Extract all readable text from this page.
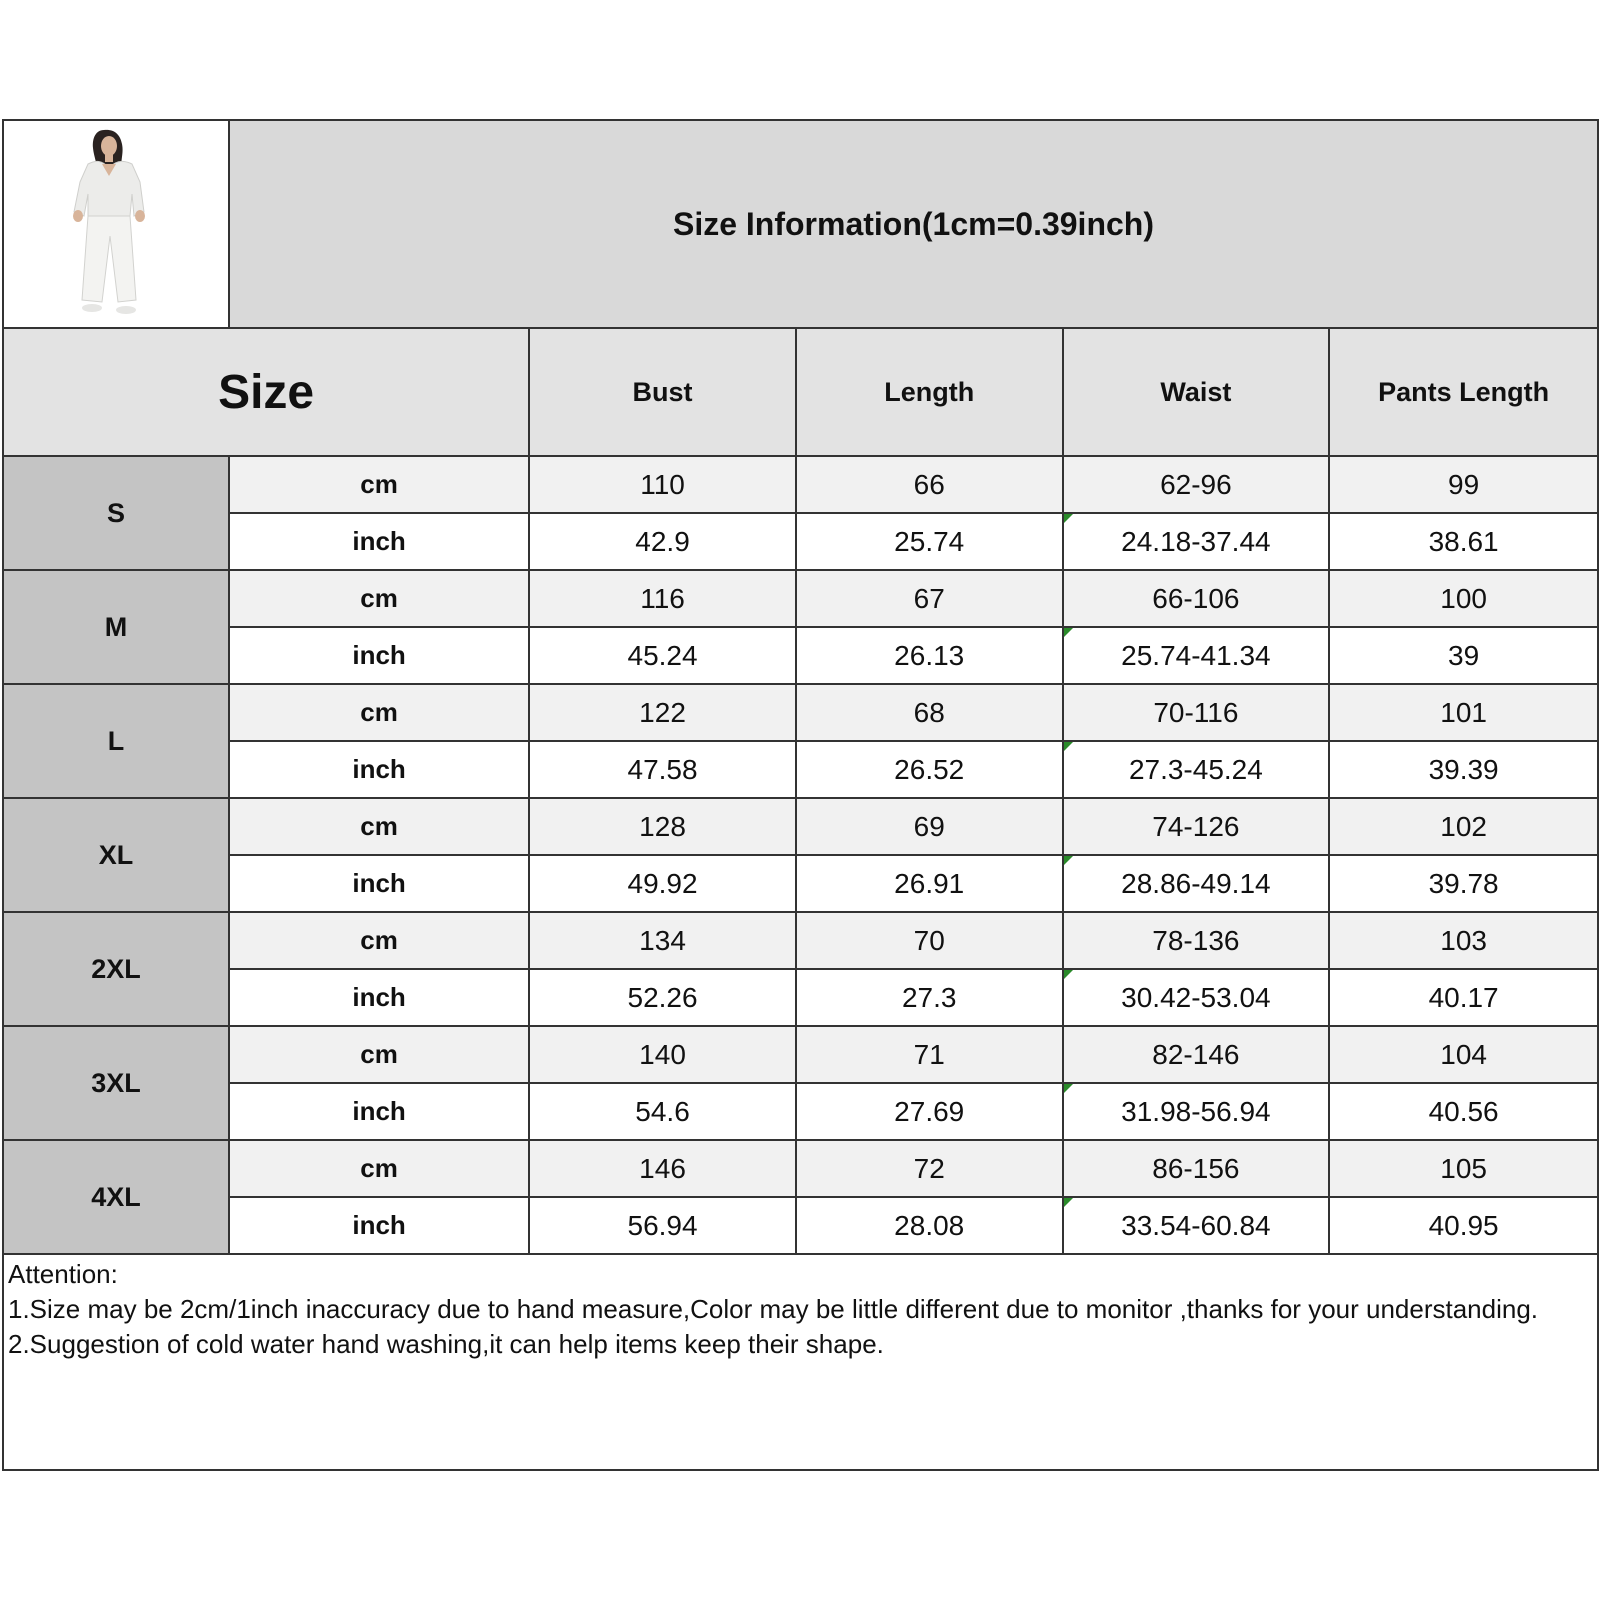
	Size Information(1cm=0.39inch)				
Size		Bust	Length	Waist	Pants Length
S	cm	110	66	62-96	99
	inch	42.9	25.74	24.18-37.44	38.61
M	cm	116	67	66-106	100
	inch	45.24	26.13	25.74-41.34	39
L	cm	122	68	70-116	101
	inch	47.58	26.52	27.3-45.24	39.39
XL	cm	128	69	74-126	102
	inch	49.92	26.91	28.86-49.14	39.78
2XL	cm	134	70	78-136	103
	inch	52.26	27.3	30.42-53.04	40.17
3XL	cm	140	71	82-146	104
	inch	54.6	27.69	31.98-56.94	40.56
4XL	cm	146	72	86-156	105
	inch	56.94	28.08	33.54-60.84	40.95

Attention:
1.Size may be 2cm/1inch inaccuracy due to hand measure,Color may be little different due to monitor ,thanks for your understanding.
2.Suggestion of cold water hand washing,it can help items keep their shape.					
